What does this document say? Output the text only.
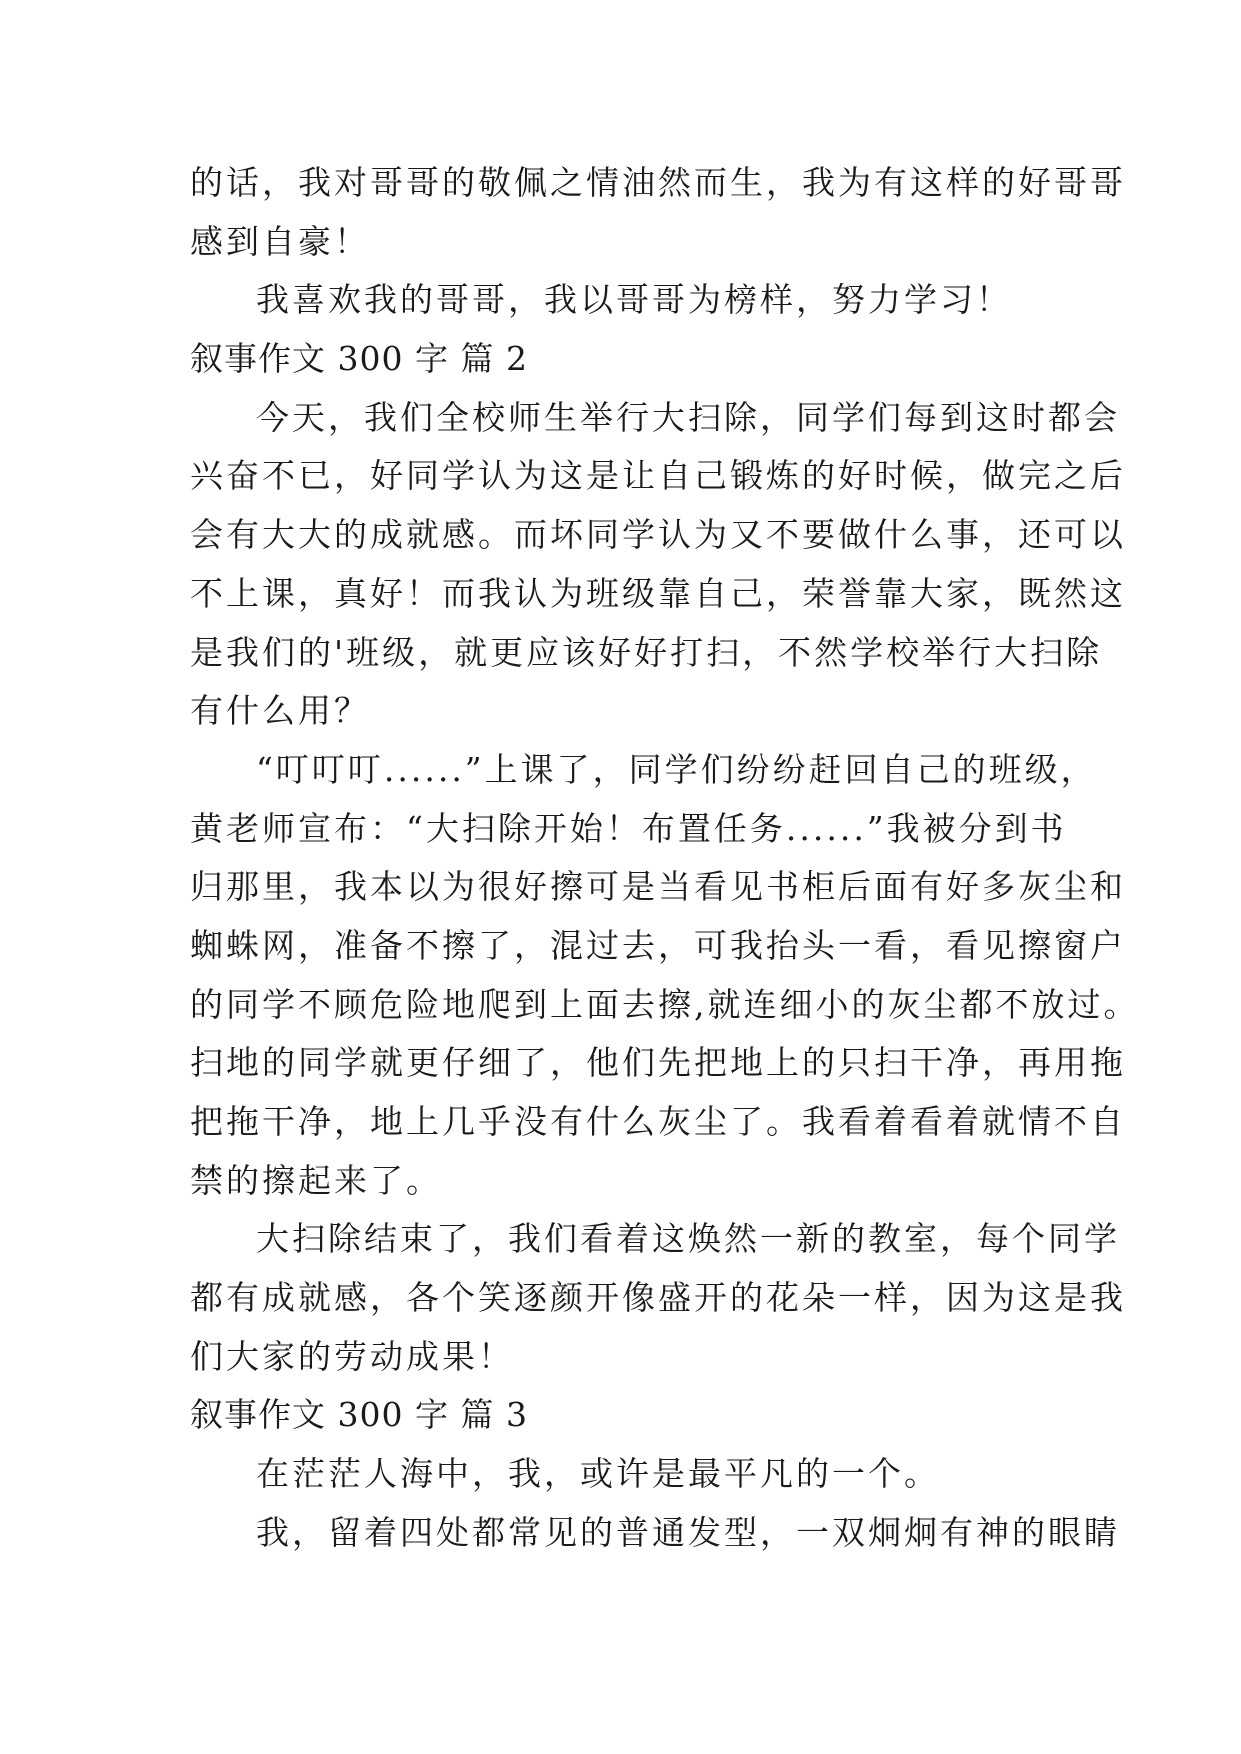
的话，我对哥哥的敬佩之情油然而生，我为有这样的好哥哥
感到自豪！
我喜欢我的哥哥，我以哥哥为榜样，努力学习！
叙事作文 300 字 篇 2
今天，我们全校师生举行大扫除，同学们每到这时都会
兴奋不已，好同学认为这是让自己锻炼的好时候，做完之后
会有大大的成就感。而坏同学认为又不要做什么事，还可以
不上课，真好！而我认为班级靠自己，荣誉靠大家，既然这
是我们的'班级，就更应该好好打扫，不然学校举行大扫除
有什么用？
“叮叮叮......”上课了，同学们纷纷赶回自己的班级，
黄老师宣布：“大扫除开始！布置任务......”我被分到书
归那里，我本以为很好擦可是当看见书柜后面有好多灰尘和
蜘蛛网，准备不擦了，混过去，可我抬头一看，看见擦窗户
的同学不顾危险地爬到上面去擦,就连细小的灰尘都不放过。
扫地的同学就更仔细了，他们先把地上的只扫干净，再用拖
把拖干净，地上几乎没有什么灰尘了。我看着看着就情不自
禁的擦起来了。
大扫除结束了，我们看着这焕然一新的教室，每个同学
都有成就感，各个笑逐颜开像盛开的花朵一样，因为这是我
们大家的劳动成果！
叙事作文 300 字 篇 3
在茫茫人海中，我，或许是最平凡的一个。
我，留着四处都常见的普通发型，一双炯炯有神的眼睛
